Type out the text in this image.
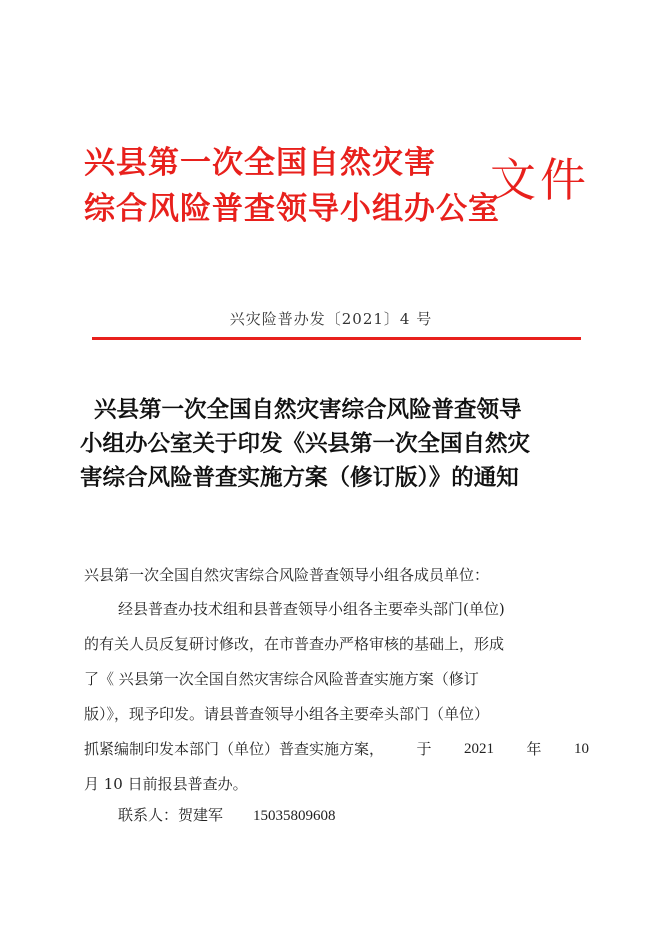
兴县第一次全国自然灾害
综合风险普查领导小组办公室
文件
兴灾险普办发〔2021〕4 号
兴县第一次全国自然灾害综合风险普查领导
小组办公室关于印发《兴县第一次全国自然灾
害综合风险普查实施方案（修订版）》的通知
兴县第一次全国自然灾害综合风险普查领导小组各成员单位：
经县普查办技术组和县普查领导小组各主要牵头部门(单位)
的有关人员反复研讨修改，在市普查办严格审核的基础上，形成
了《 兴县第一次全国自然灾害综合风险普查实施方案（修订
版）》，现予印发。请县普查领导小组各主要牵头部门（单位）
抓紧编制印发本部门（单位）普查实施方案， 于 2021 年 10
月 10 日前报县普查办。
联系人：贺建军 15035809608
